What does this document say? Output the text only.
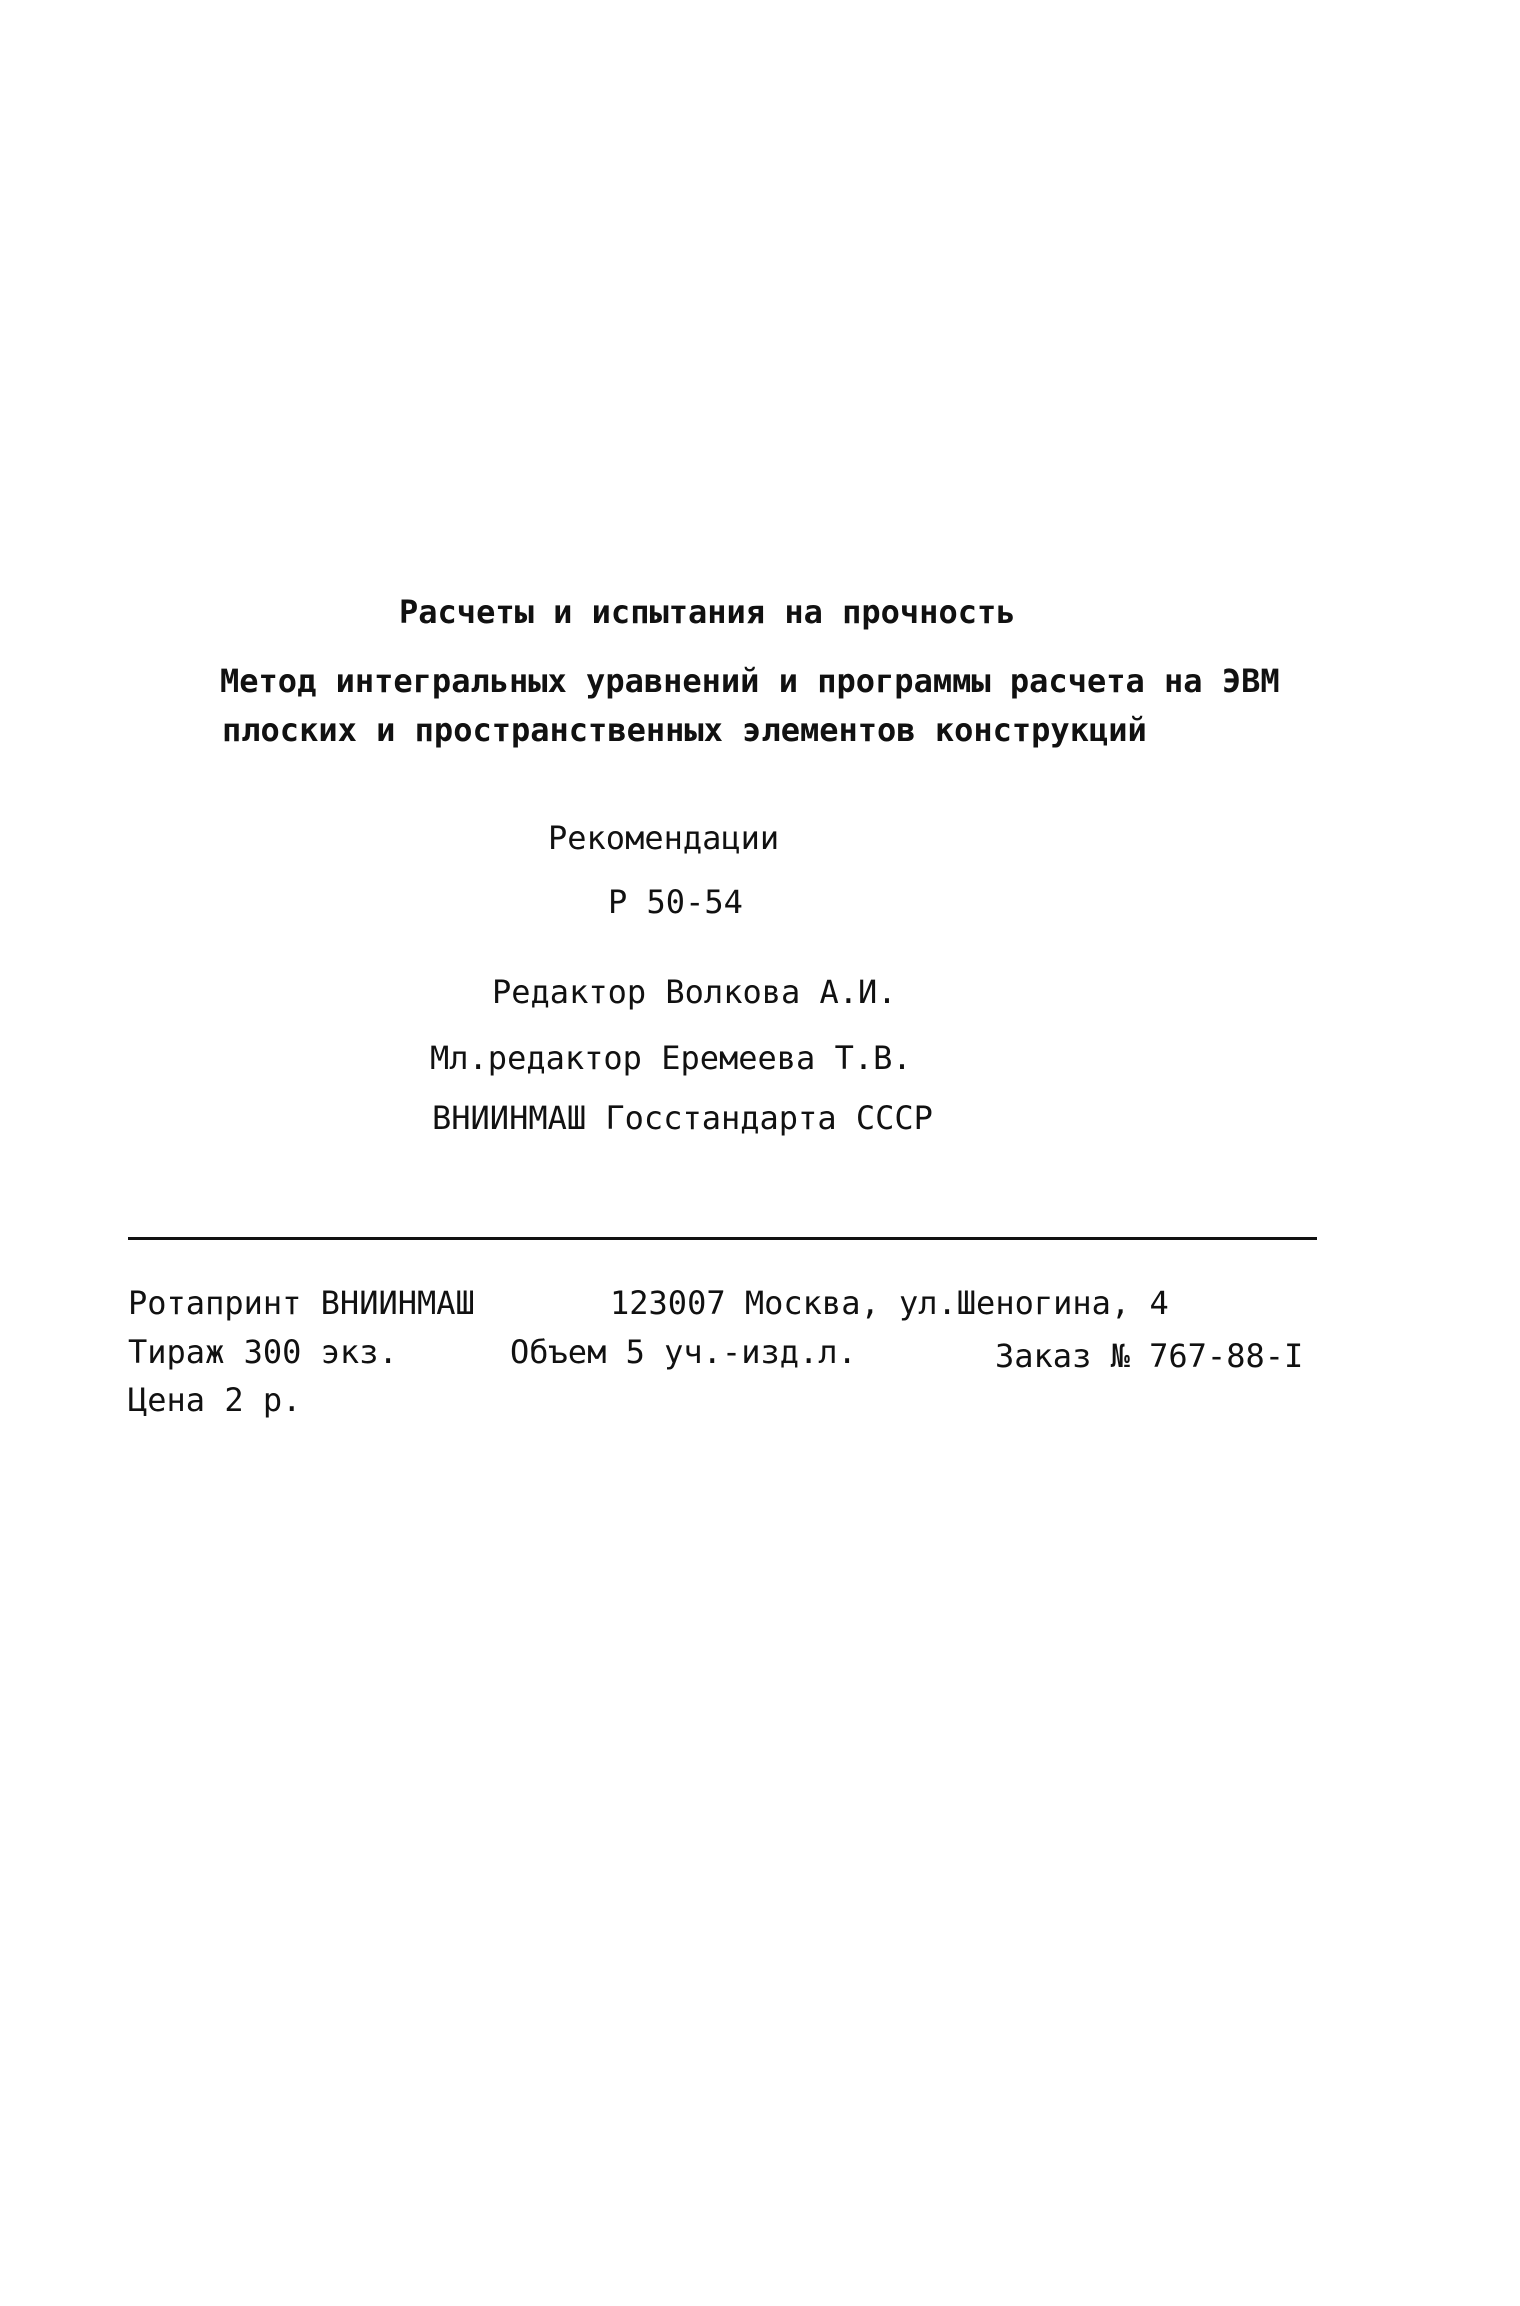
Расчеты и испытания на прочность
Метод интегральных уравнений и программы расчета на ЭВМ
плоских и пространственных элементов конструкций
Рекомендации
Р 50-54
Редактор Волкова А.И.
Мл.редактор Еремеева Т.В.
ВНИИНМАШ Госстандарта СССР
Ротапринт ВНИИНМАШ	123007 Москва, ул.Шеногина, 4
Тираж 300 экз.	Объем 5 уч.-изд.л.	Заказ № 767-88-I
Цена 2 р.
